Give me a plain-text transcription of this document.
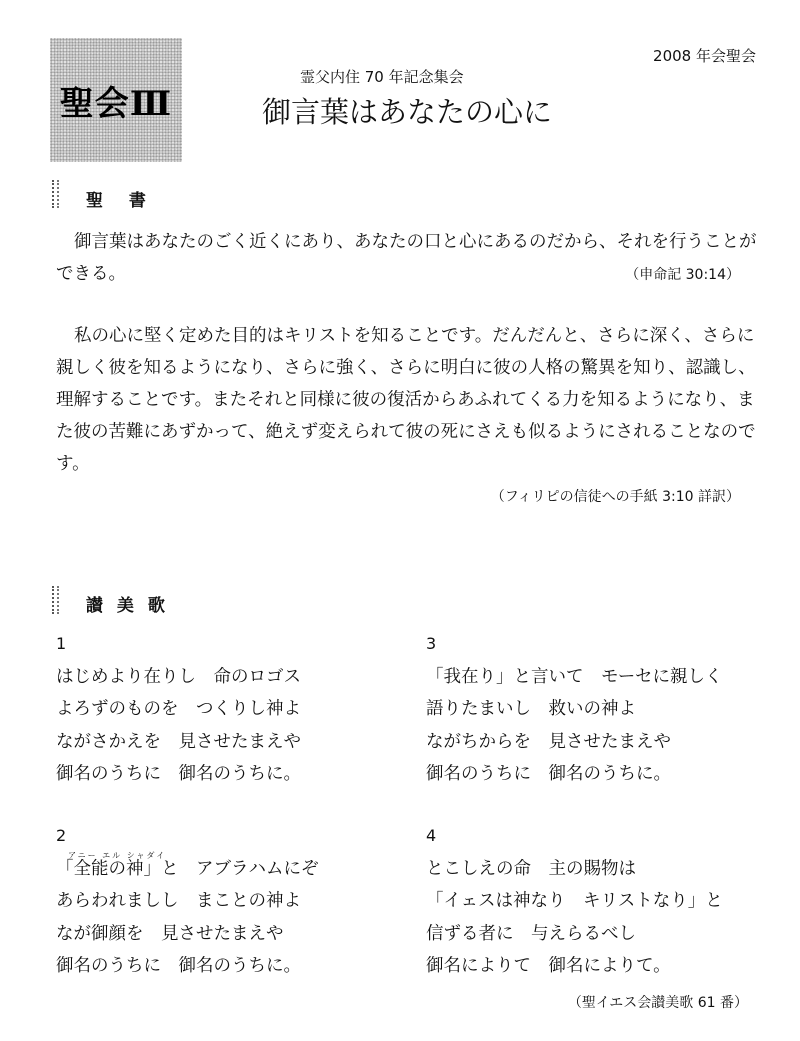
聖会Ⅲ
2008 年会聖会
霊父内住 70 年記念集会
御言葉はあなたの心に
聖 書
御言葉はあなたのごく近くにあり、あなたの口と心にあるのだから、それを行うことができる。	（申命記 30:14）
私の心に堅く定めた目的はキリストを知ることです。だんだんと、さらに深く、さらに親しく彼を知るようになり、さらに強く、さらに明白に彼の人格の驚異を知り、認識し、理解することです。またそれと同様に彼の復活からあふれてくる力を知るようになり、また彼の苦難にあずかって、絶えず変えられて彼の死にさえも似るようにされることなのです。
（フィリピの信徒への手紙 3:10 詳訳）
讃 美 歌
1
はじめより在りし　命のロゴス
よろずのものを　つくりし神よ
ながさかえを　見させたまえや
御名のうちに　御名のうちに。
3
「我在り」と言いて　モーセに親しく
語りたまいし　救いの神よ
ながちからを　見させたまえや
御名のうちに　御名のうちに。
2
アニー エル シャダイ
「全能の神」と　アブラハムにぞ
あらわれましし　まことの神よ
なが御顔を　見させたまえや
御名のうちに　御名のうちに。
4
とこしえの命　主の賜物は
「イェスは神なり　キリストなり」と
信ずる者に　与えらるべし
御名によりて　御名によりて。
（聖イエス会讃美歌 61 番）
